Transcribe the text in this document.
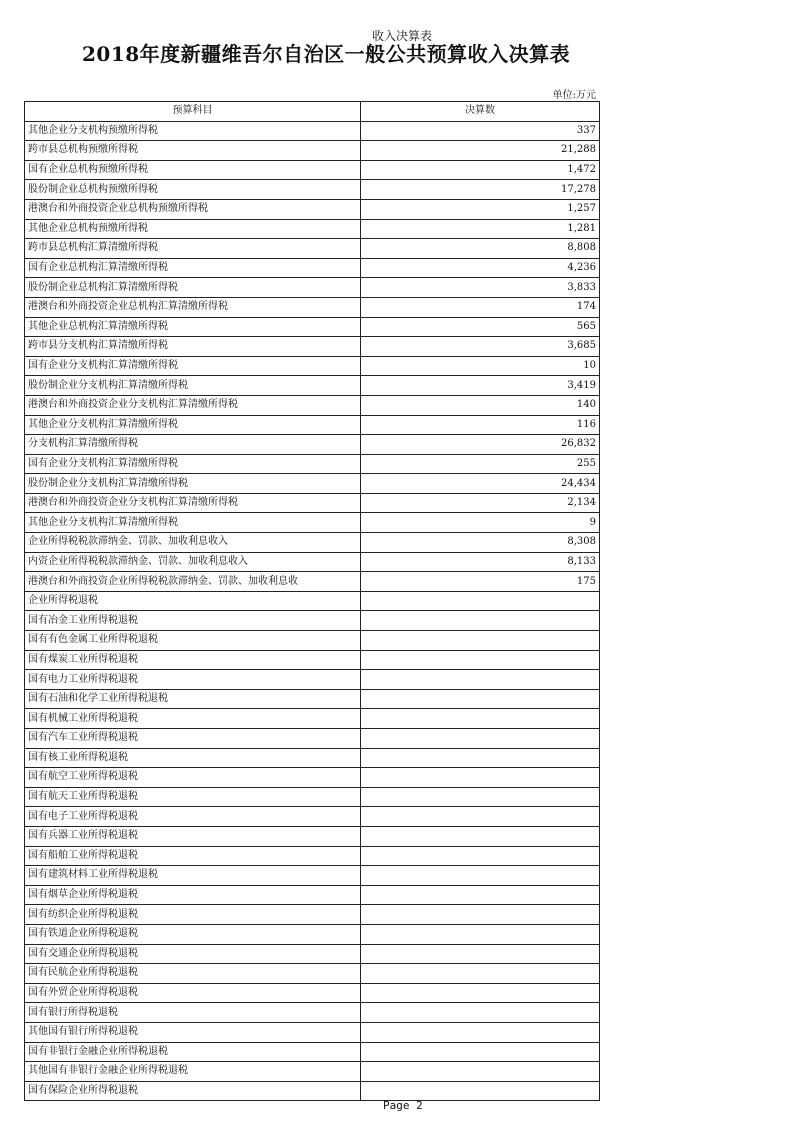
收入决算表
2018年度新疆维吾尔自治区一般公共预算收入决算表
单位:万元
预算科目	决算数
其他企业分支机构预缴所得税	337
跨市县总机构预缴所得税	21,288
国有企业总机构预缴所得税	1,472
股份制企业总机构预缴所得税	17,278
港澳台和外商投资企业总机构预缴所得税	1,257
其他企业总机构预缴所得税	1,281
跨市县总机构汇算清缴所得税	8,808
国有企业总机构汇算清缴所得税	4,236
股份制企业总机构汇算清缴所得税	3,833
港澳台和外商投资企业总机构汇算清缴所得税	174
其他企业总机构汇算清缴所得税	565
跨市县分支机构汇算清缴所得税	3,685
国有企业分支机构汇算清缴所得税	10
股份制企业分支机构汇算清缴所得税	3,419
港澳台和外商投资企业分支机构汇算清缴所得税	140
其他企业分支机构汇算清缴所得税	116
分支机构汇算清缴所得税	26,832
国有企业分支机构汇算清缴所得税	255
股份制企业分支机构汇算清缴所得税	24,434
港澳台和外商投资企业分支机构汇算清缴所得税	2,134
其他企业分支机构汇算清缴所得税	9
企业所得税税款滞纳金、罚款、加收利息收入	8,308
内资企业所得税税款滞纳金、罚款、加收利息收入	8,133
港澳台和外商投资企业所得税税款滞纳金、罚款、加收利息收	175
企业所得税退税	
国有冶金工业所得税退税	
国有有色金属工业所得税退税	
国有煤炭工业所得税退税	
国有电力工业所得税退税	
国有石油和化学工业所得税退税	
国有机械工业所得税退税	
国有汽车工业所得税退税	
国有核工业所得税退税	
国有航空工业所得税退税	
国有航天工业所得税退税	
国有电子工业所得税退税	
国有兵器工业所得税退税	
国有船舶工业所得税退税	
国有建筑材料工业所得税退税	
国有烟草企业所得税退税	
国有纺织企业所得税退税	
国有铁道企业所得税退税	
国有交通企业所得税退税	
国有民航企业所得税退税	
国有外贸企业所得税退税	
国有银行所得税退税	
其他国有银行所得税退税	
国有非银行金融企业所得税退税	
其他国有非银行金融企业所得税退税	
国有保险企业所得税退税	
Page 2
